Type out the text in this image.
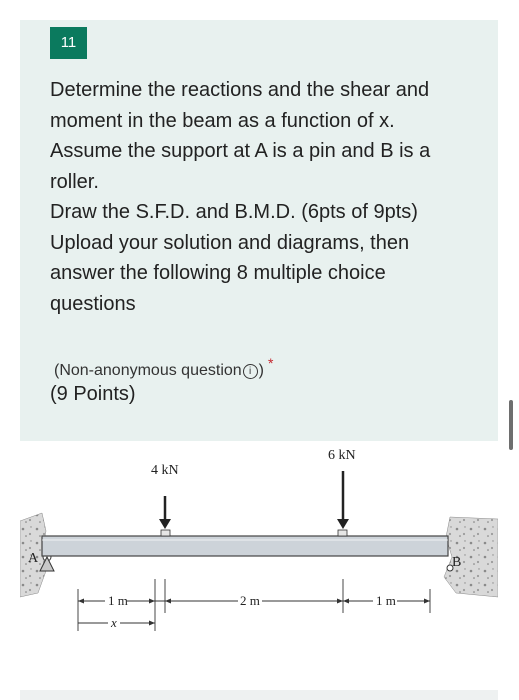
11

Determine the reactions and the shear and moment in the beam as a function of x. Assume the support at A is a pin and B is a roller.

Draw the S.F.D. and B.M.D. (6pts of 9pts)

Upload your solution and diagrams, then answer the following 8 multiple choice questions

(Non-anonymous question i ) *
(9 Points)
A	B
4 kN
6 kN
1 m	2 m	1 m
x
